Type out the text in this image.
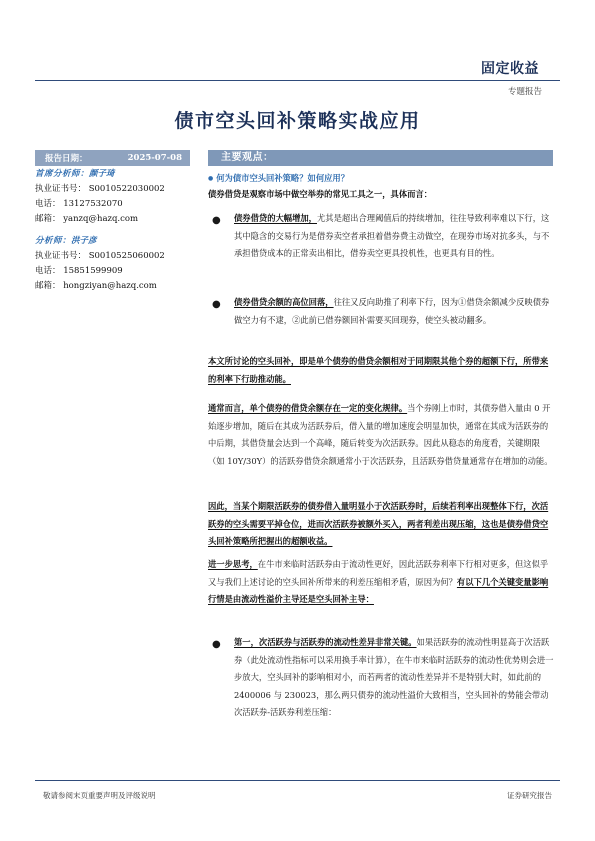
固定收益
专题报告
债市空头回补策略实战应用
报告日期：	2025-07-08
首席分析师：颜子琦
执业证书号： S0010522030002
电话： 13127532070
邮箱： yanzq@hazq.com
分析师：洪子彦
执业证书号： S0010525060002
电话： 15851599909
邮箱： hongziyan@hazq.com
主要观点：
● 何为债市空头回补策略？如何应用？
债券借贷是观察市场中做空举券的常见工具之一，具体而言：
● 债券借贷的大幅增加，尤其是超出合理阈值后的持续增加，往往导致利率难以下行，这其中隐含的交易行为是借券卖空者承担着借券费主动做空，在现券市场对抗多头，与不承担借贷成本的正常卖出相比，借券卖空更具投机性，也更具有目的性。
● 债券借贷余额的高位回落，往往又反向助推了利率下行，因为①借贷余额减少反映债券做空力有不逮，②此前已借券额回补需要买回现券，使空头被动翻多。
本文所讨论的空头回补，即是单个债券的借贷余额相对于同期限其他个券的超额下行，所带来的利率下行助推动能。
通常而言，单个债券的借贷余额存在一定的变化规律。当个券刚上市时，其债券借入量由 0 开始逐步增加，随后在其成为活跃券后，借入量的增加速度会明显加快，通常在其成为活跃券的中后期，其借贷量会达到一个高峰，随后转变为次活跃券。因此从稳态的角度看，关键期限（如 10Y/30Y）的活跃券借贷余额通常小于次活跃券，且活跃券借贷量通常存在增加的动能。
因此，当某个期限活跃券的债券借入量明显小于次活跃券时，后续若利率出现整体下行，次活跃券的空头需要平掉仓位，进而次活跃券被额外买入，两者利差出现压缩，这也是债券借贷空头回补策略所把握出的超额收益。
进一步思考，在牛市来临时活跃券由于流动性更好，因此活跃券利率下行相对更多，但这似乎又与我们上述讨论的空头回补所带来的利差压缩相矛盾，原因为何？有以下几个关键变量影响行情是由流动性溢价主导还是空头回补主导：
● 第一，次活跃券与活跃券的流动性差异非常关键。如果活跃券的流动性明显高于次活跃券（此处流动性指标可以采用换手率计算），在牛市来临时活跃券的流动性优势则会进一步放大，空头回补的影响相对小，而若两者的流动性差异并不是特别大时，如此前的 2400006 与 230023，那么两只债券的流动性溢价大致相当，空头回补的势能会带动次活跃券-活跃券利差压缩：
敬请参阅末页重要声明及评级说明	证券研究报告
